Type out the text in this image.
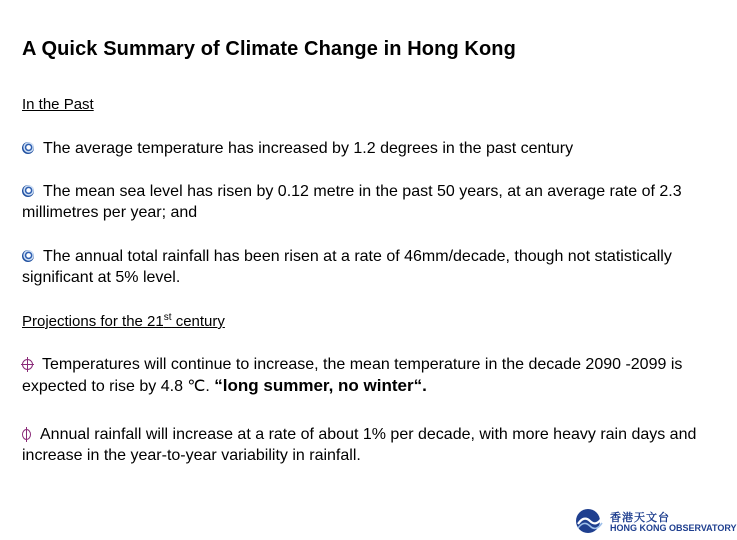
A Quick Summary of Climate Change in Hong Kong
In the Past
The average temperature has increased by 1.2 degrees in the past century
The mean sea level has risen by 0.12 metre in the past 50 years, at an average rate of 2.3 millimetres per year; and
The annual total rainfall has been risen at a rate of 46mm/decade, though not statistically significant at 5% level.
Projections for the 21st century
Temperatures will continue to increase, the mean temperature in the decade 2090 -2099 is expected to rise by 4.8 ℃. “long summer, no winter“.
Annual rainfall will increase at a rate of about 1% per decade, with more heavy rain days and increase in the year-to-year variability in rainfall.
香港天文台
HONG KONG OBSERVATORY
